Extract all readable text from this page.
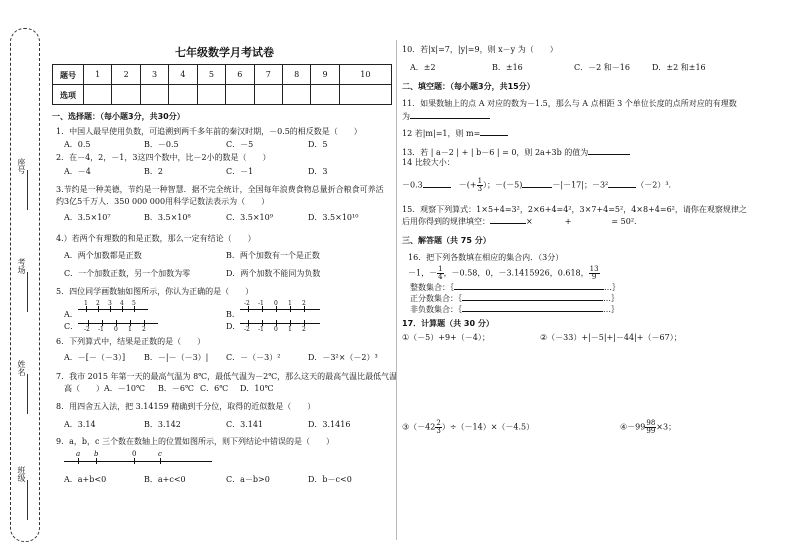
座号
考场
姓名
班级
七年级数学月考试卷
题号	1	2	3	4	5	6	7	8	9	10
选项										
一、选择题：（每小题3分，共30分）
1．中国人最早使用负数，可追溯到两千多年前的秦汉时期，－0.5的相反数是（　　）
A．0.5	B．－0.5	C．－5	D．5
2．在－4，2，－1，3这四个数中，比－2小的数是（　　）
A．－4	B．2	C．－1	D．3
3.节约是一种美德，节约是一种智慧．据不完全统计，全国每年浪费食物总量折合粮食可养活
约3亿5千万人．350 000 000用科学记数法表示为（　　）
A．3.5×10⁷	B．3.5×10⁸	C．3.5×10⁹	D．3.5×10¹⁰
4.）若两个有理数的和是正数，那么一定有结论（　　）
A．两个加数都是正数	B．两个加数有一个是正数
C．一个加数正数，另一个加数为零	D．两个加数不能同为负数
5．四位同学画数轴如图所示，你认为正确的是（　　）
A．
C．
B．
D．
1 2 3 4 5
-2 -1 0 1 2
-2 -1 0 1 2
-2 -1 0 1 2
6．下列算式中，结果是正数的是（　　）
A．－[－（－3）] B．－|－（－3）| C．－（－3）²	D．－3²×（－2）³
7．我市 2015 年第一天的最高气温为 8℃，最低气温为－2℃，那么这天的最高气温比最低气温
高（　　）A．－10℃ B．－6℃ C．6℃ D．10℃
8．用四舍五入法，把 3.14159 精确到千分位，取得的近似数是（　　）
A．3.14	B．3.142	C．3.141	D．3.1416
9．a，b，c 三个数在数轴上的位置如图所示，则下列结论中错误的是（　　）
a b	0	c
A．a+b<0	B．a+c<0	C．a－b>0	D．b－c<0
10．若|x|=7，|y|=9，则 x－y 为（　　）
A．±2	B．±16	C．－2 和－16	D．±2 和±16
二、填空题：（每小题3分，共15分）
11．如果数轴上的点 A 对应的数为－1.5，那么与 A 点相距 3 个单位长度的点所对应的有理数
为
12 若|m|=1，则 m=
13．若 | a－2 | + | b－6 | = 0，则 2a+3b 的值为
14 比较大小：
－0.3	　－(+ $\frac{1}{3}$ ）；－(－5)	－|－17|；－3²	（－2）³.
15．观察下列算式：1×5+4=3²，2×6+4=4²，3×7+4=5²，4×8+4=6²，请你在观察规律之
后用你得到的规律填空：	×　　　　+　　　　　= 50².
三、解答题（共 75 分）
16．把下列各数填在相应的集合内．（3分）
－1，－ $\frac{1}{4}$ ，－0.58，0，－3.1415926，0.618， $\frac{13}{9}$
整数集合：｛	…｝
正分数集合：｛	…｝
非负数集合：｛	…｝
17．计算题（共 30 分）
①（－5）+9+（－4）；	②（－33）+|－5|+|－44|+（－67）；
③（－42 $\frac{2}{3} )\div(-14)\times(-4.5)$	④－99 $\frac{98}{99} \times 3$；
